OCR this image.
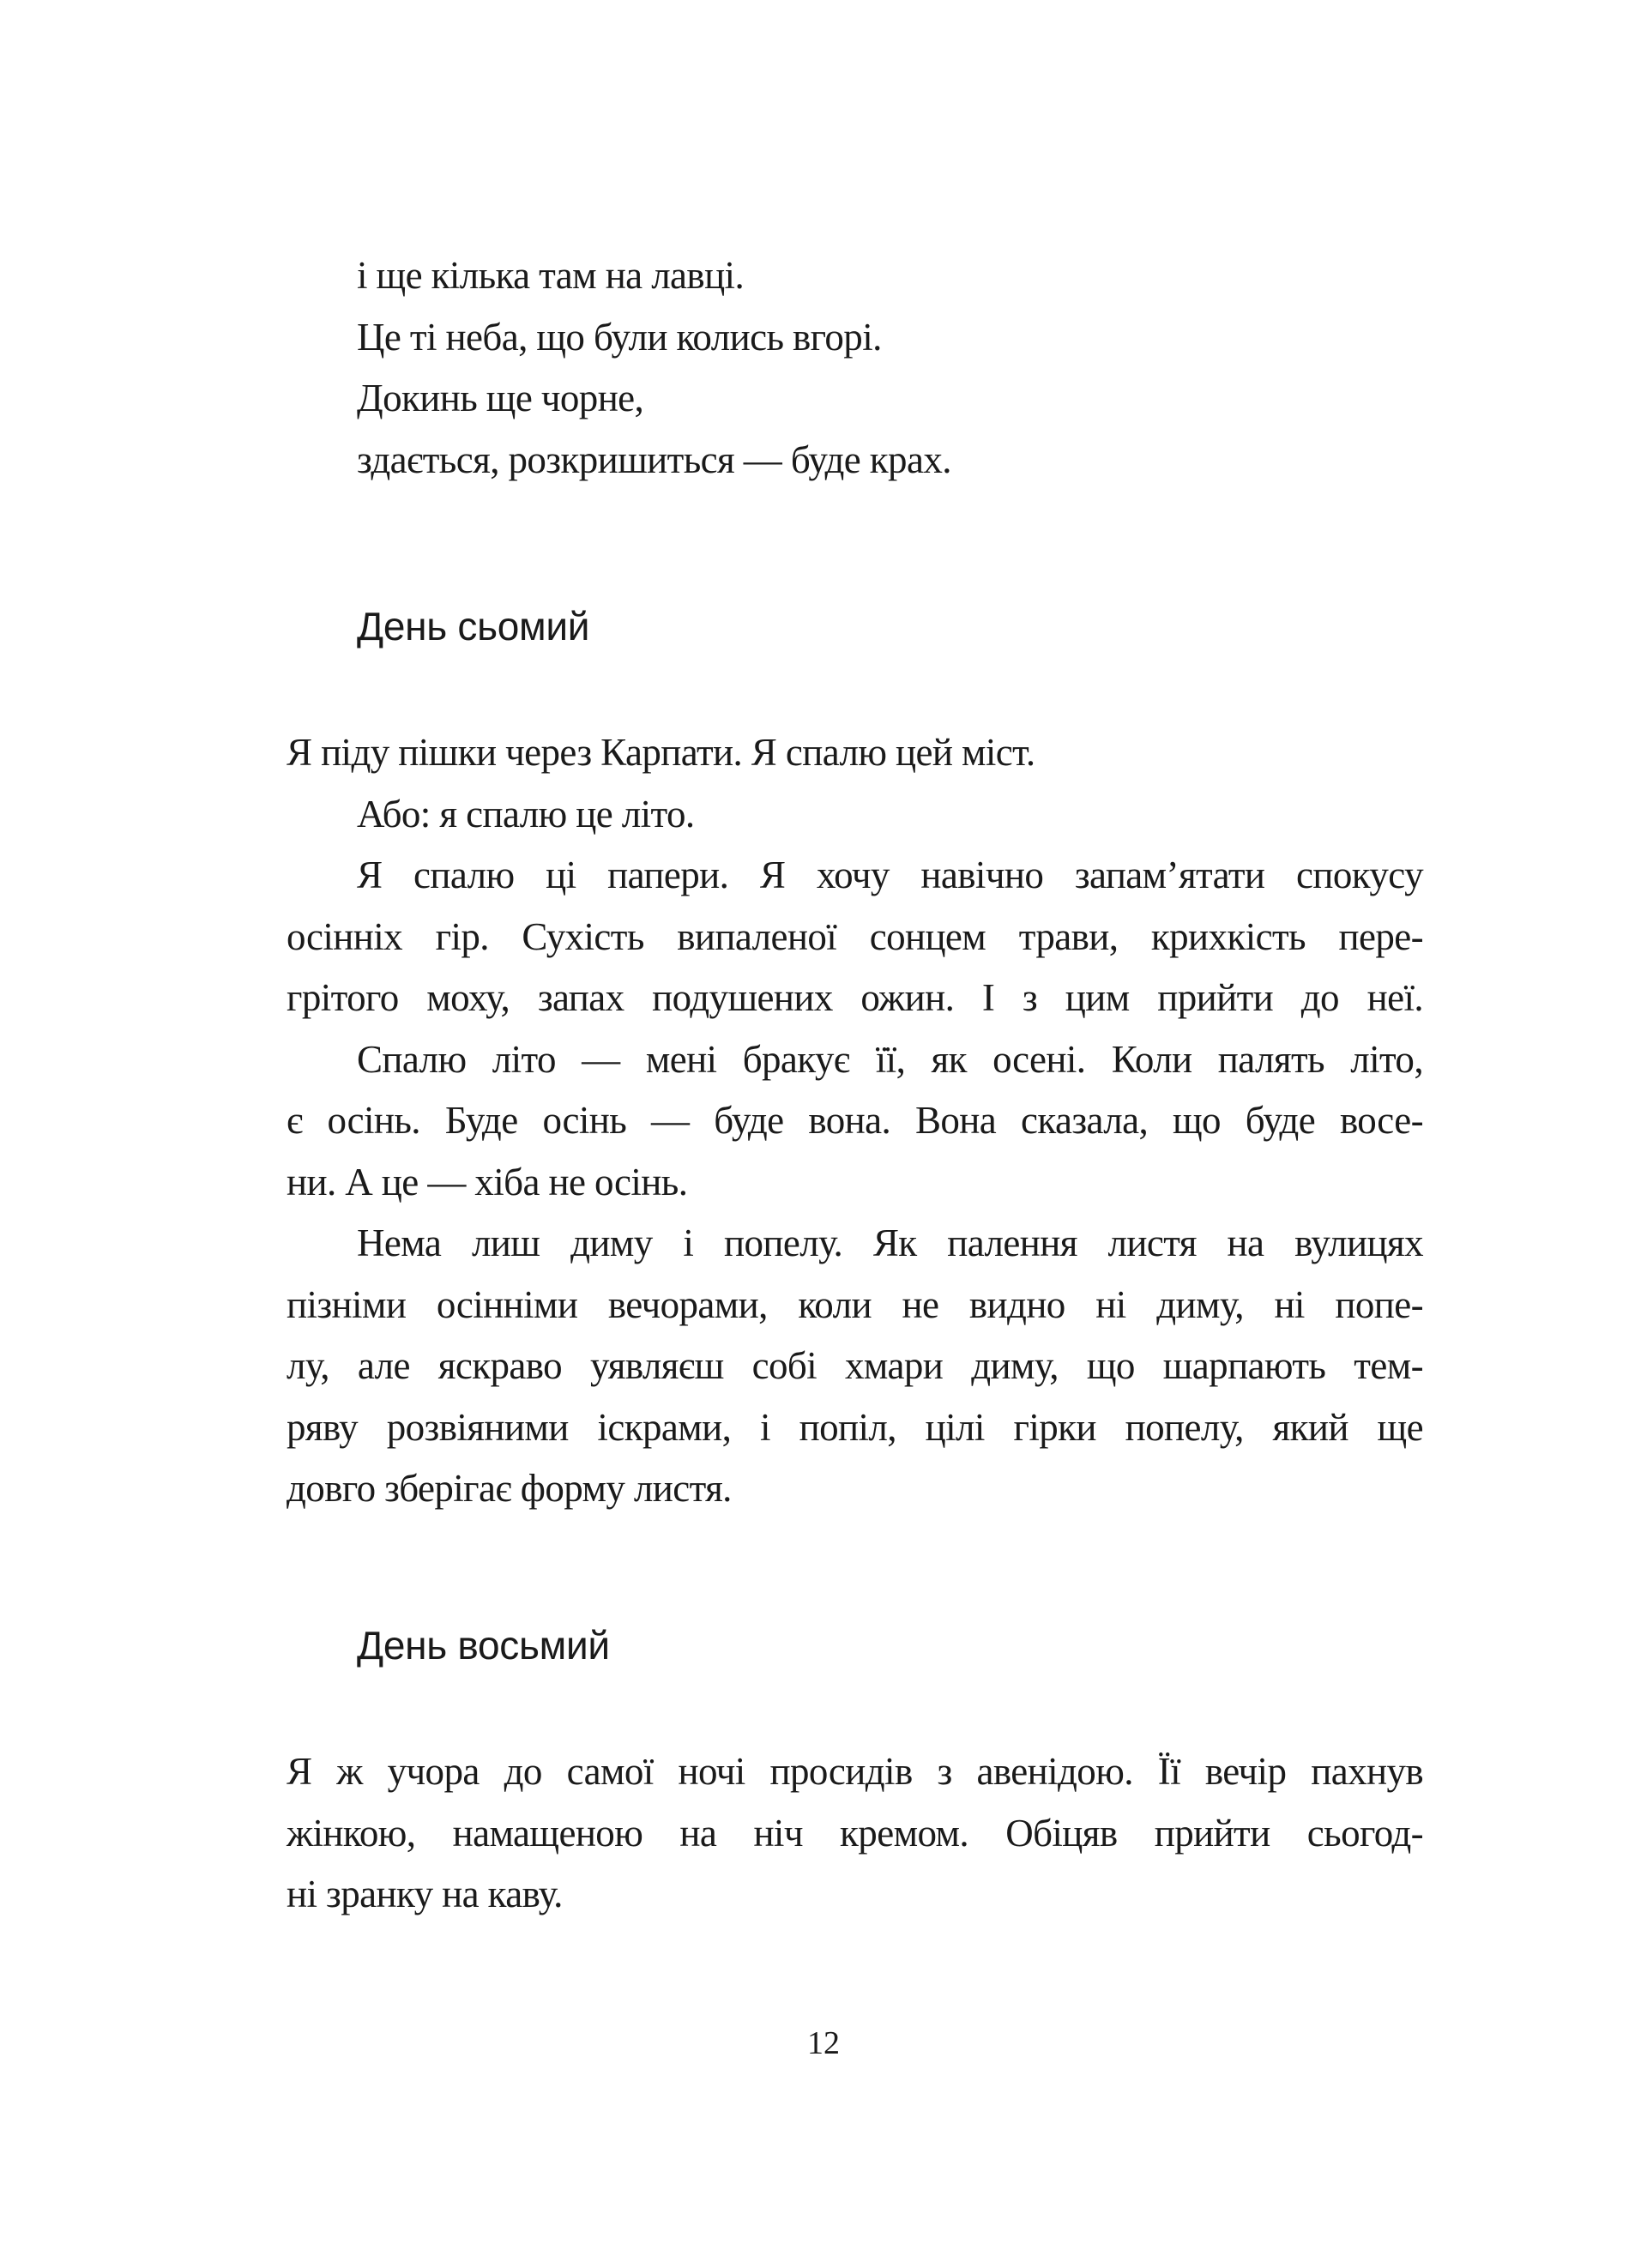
і ще кілька там на лавці.
Це ті неба, що були колись вгорі.
Докинь ще чорне,
здається, розкришиться — буде крах.
День сьомий
Я піду пішки через Карпати. Я спалю цей міст.
Або: я спалю це літо.
Я спалю ці папери. Я хочу навічно запам’ятати спокусу
осінніх гір. Сухість випаленої сонцем трави, крихкість пере-
грітого моху, запах подушених ожин. І з цим прийти до неї.
Спалю літо — мені бракує її, як осені. Коли палять літо,
є осінь. Буде осінь — буде вона. Вона сказала, що буде восе-
ни. А це — хіба не осінь.
Нема лиш диму і попелу. Як палення листя на вулицях
пізніми осінніми вечорами, коли не видно ні диму, ні попе-
лу, але яскраво уявляєш собі хмари диму, що шарпають тем-
ряву розвіяними іскрами, і попіл, цілі гірки попелу, який ще
довго зберігає форму листя.
День восьмий
Я ж учора до самої ночі просидів з авенідою. Її вечір пахнув
жінкою, намащеною на ніч кремом. Обіцяв прийти сьогод-
ні зранку на каву.
12
